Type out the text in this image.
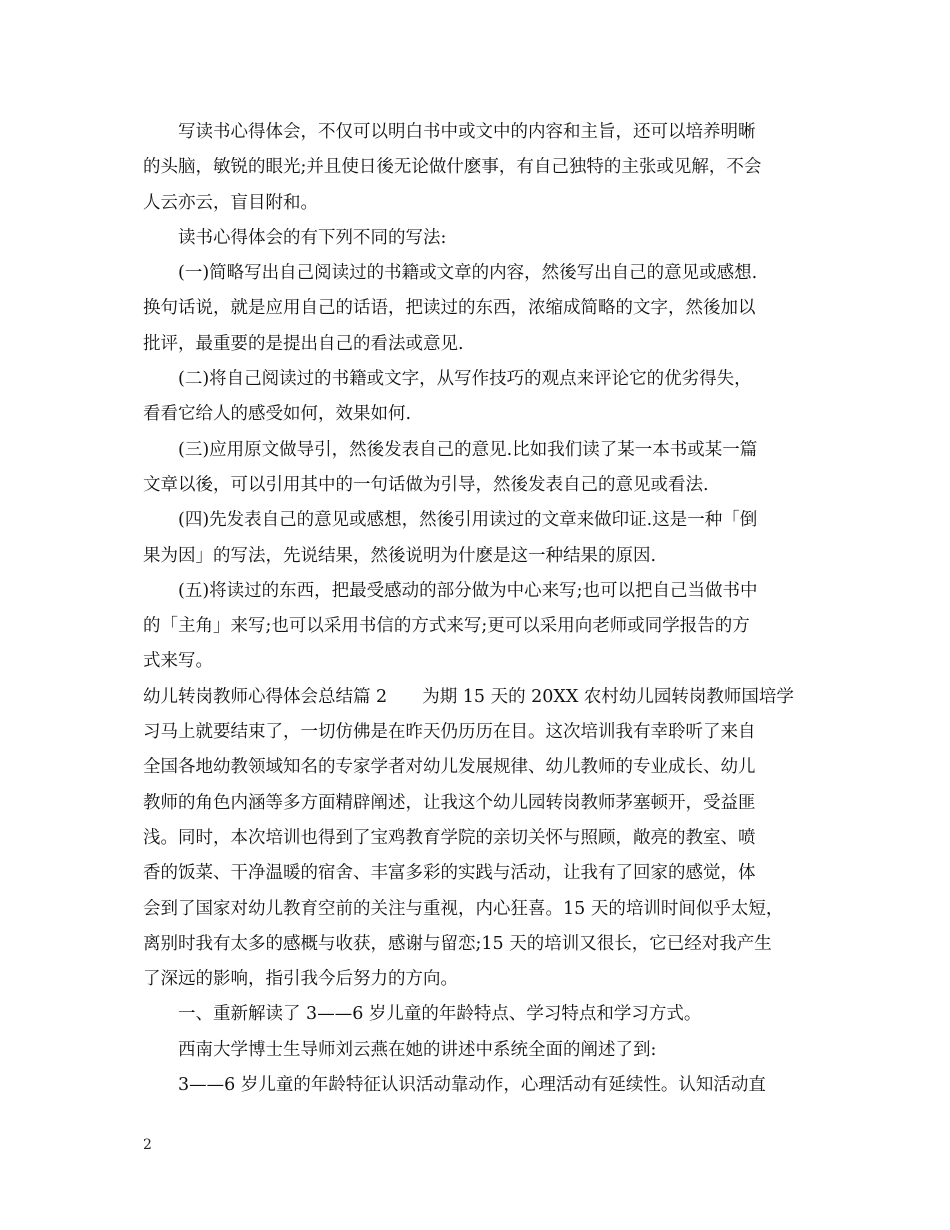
写读书心得体会，不仅可以明白书中或文中的内容和主旨，还可以培养明晰
的头脑，敏锐的眼光;并且使日後无论做什麽事，有自己独特的主张或见解，不会
人云亦云，盲目附和。
读书心得体会的有下列不同的写法:
(一)简略写出自己阅读过的书籍或文章的内容，然後写出自己的意见或感想.
换句话说，就是应用自己的话语，把读过的东西，浓缩成简略的文字，然後加以
批评，最重要的是提出自己的看法或意见.
(二)将自己阅读过的书籍或文字，从写作技巧的观点来评论它的优劣得失，
看看它给人的感受如何，效果如何.
(三)应用原文做导引，然後发表自己的意见.比如我们读了某一本书或某一篇
文章以後，可以引用其中的一句话做为引导，然後发表自己的意见或看法.
(四)先发表自己的意见或感想，然後引用读过的文章来做印证.这是一种「倒
果为因」的写法，先说结果，然後说明为什麽是这一种结果的原因.
(五)将读过的东西，把最受感动的部分做为中心来写;也可以把自己当做书中
的「主角」来写;也可以采用书信的方式来写;更可以采用向老师或同学报告的方
式来写。
幼儿转岗教师心得体会总结篇 2　　为期 15 天的 20XX 农村幼儿园转岗教师国培学
习马上就要结束了，一切仿佛是在昨天仍历历在目。这次培训我有幸聆听了来自
全国各地幼教领域知名的专家学者对幼儿发展规律、幼儿教师的专业成长、幼儿
教师的角色内涵等多方面精辟阐述，让我这个幼儿园转岗教师茅塞顿开，受益匪
浅。同时，本次培训也得到了宝鸡教育学院的亲切关怀与照顾，敞亮的教室、喷
香的饭菜、干净温暖的宿舍、丰富多彩的实践与活动，让我有了回家的感觉，体
会到了国家对幼儿教育空前的关注与重视，内心狂喜。15 天的培训时间似乎太短，
离别时我有太多的感概与收获，感谢与留恋;15 天的培训又很长，它已经对我产生
了深远的影响，指引我今后努力的方向。
一、重新解读了 3——6 岁儿童的年龄特点、学习特点和学习方式。
西南大学博士生导师刘云燕在她的讲述中系统全面的阐述了到:
3——6 岁儿童的年龄特征认识活动靠动作，心理活动有延续性。认知活动直
2
